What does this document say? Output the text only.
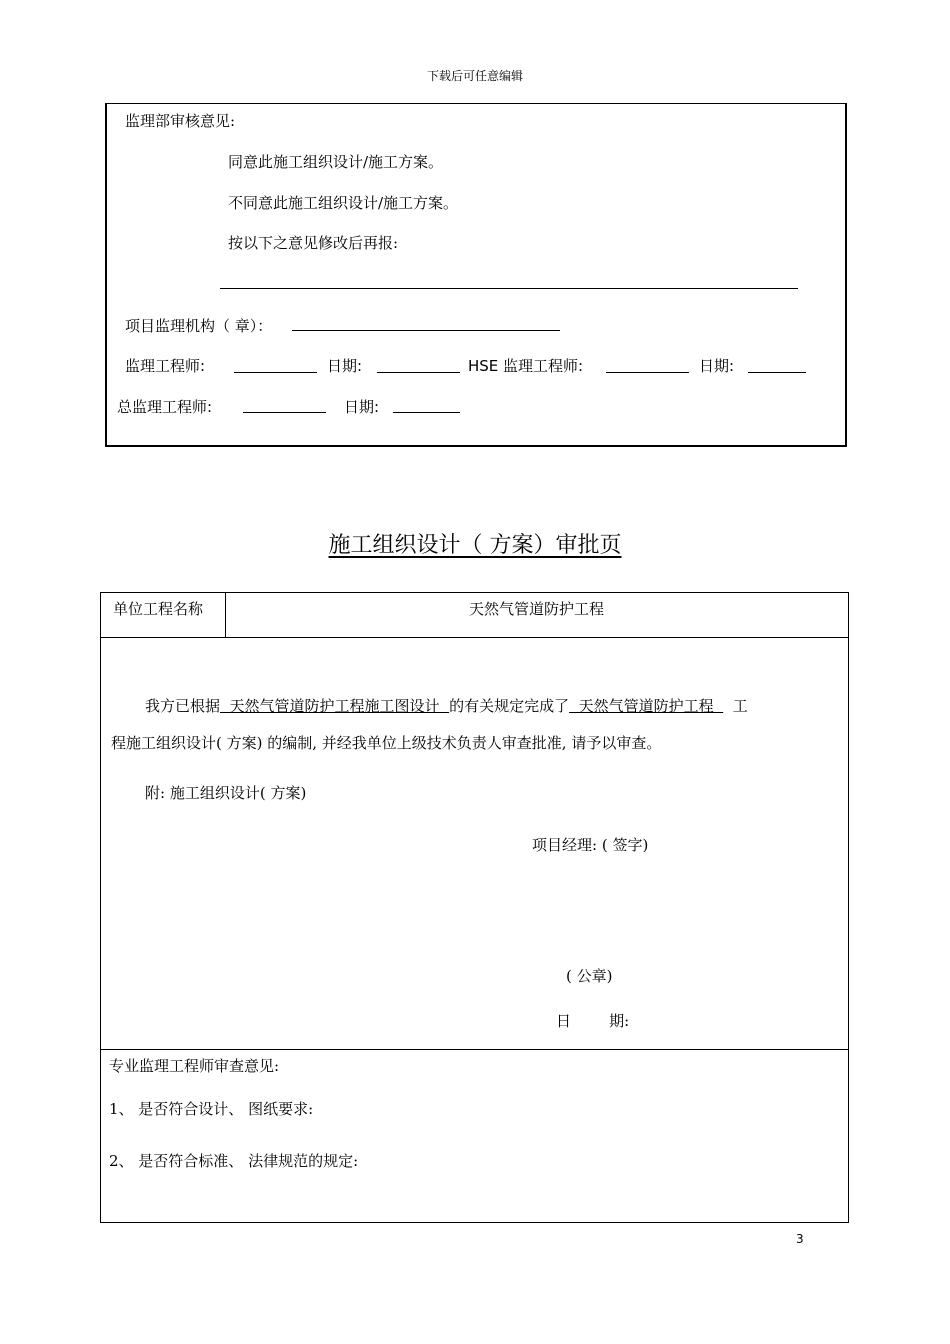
下载后可任意编辑
监理部审核意见:
同意此施工组织设计/施工方案。
不同意此施工组织设计/施工方案。
按以下之意见修改后再报:
项目监理机构（ 章）：
监理工程师:	日期:	HSE 监理工程师:	日期:
总监理工程师:	日期:
施工组织设计（ 方案）审批页
单位工程名称	天然气管道防护工程
我方已根据  天然气管道防护工程施工图设计  的有关规定完成了  天然气管道防护工程    工
程施工组织设计( 方案) 的编制, 并经我单位上级技术负责人审查批准, 请予以审查。
附: 施工组织设计( 方案)
项目经理: ( 签字)
( 公章)
日        期:
专业监理工程师审查意见:
1、 是否符合设计、 图纸要求:
2、 是否符合标准、 法律规范的规定:
3
